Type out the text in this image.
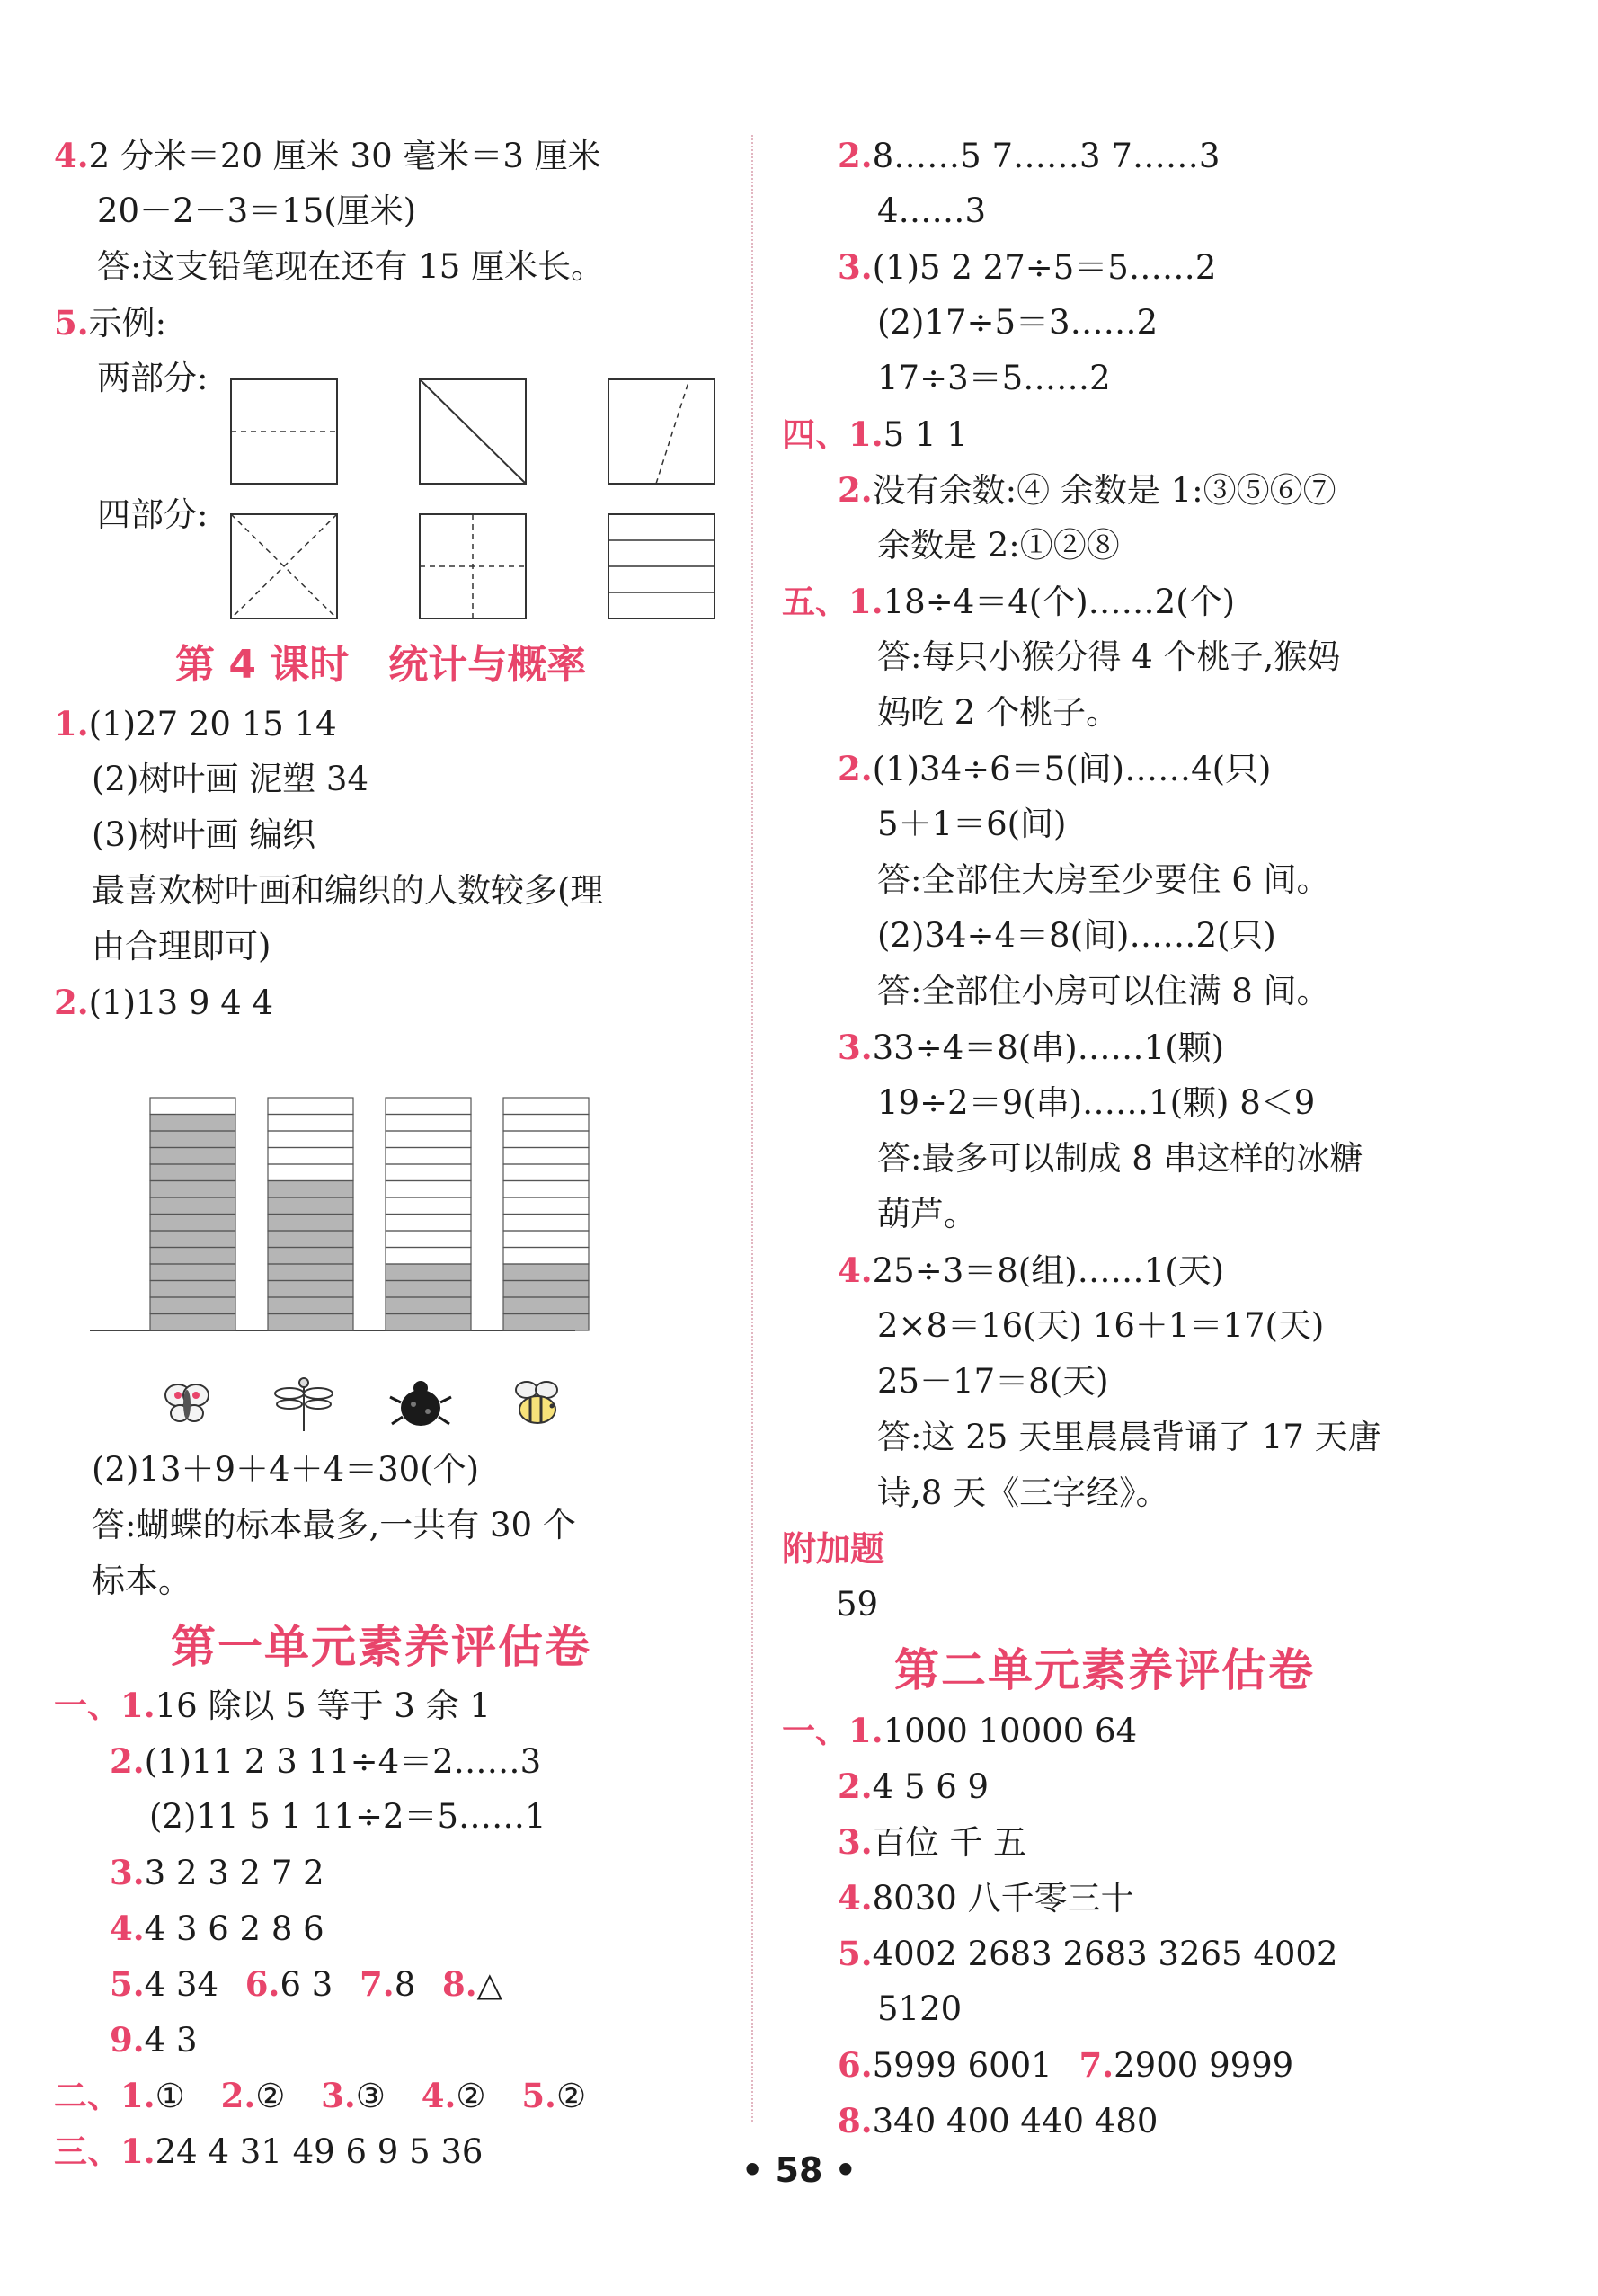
4.2 分米＝20 厘米 30 毫米＝3 厘米
20－2－3＝15(厘米)
答:这支铅笔现在还有 15 厘米长。
5.示例:
两部分:
四部分:
第 4 课时　统计与概率
1.(1)27 20 15 14
(2)树叶画 泥塑 34
(3)树叶画 编织
最喜欢树叶画和编织的人数较多(理
由合理即可)
2.(1)13 9 4 4
(2)13＋9＋4＋4＝30(个)
答:蝴蝶的标本最多,一共有 30 个
标本。
第一单元素养评估卷
一、1.16 除以 5 等于 3 余 1
2.(1)11 2 3 11÷4＝2……3
(2)11 5 1 11÷2＝5……1
3.3 2 3 2 7 2
4.4 3 6 2 8 6
5.4 34 6.6 3 7.8 8.△
9.4 3
二、1.① 2.② 3.③ 4.② 5.②
三、1.24 4 31 49 6 9 5 36
2.8……5 7……3 7……3
4……3
3.(1)5 2 27÷5＝5……2
(2)17÷5＝3……2
17÷3＝5……2
四、1.5 1 1
2.没有余数:④ 余数是 1:③⑤⑥⑦
余数是 2:①②⑧
五、1.18÷4＝4(个)……2(个)
答:每只小猴分得 4 个桃子,猴妈
妈吃 2 个桃子。
2.(1)34÷6＝5(间)……4(只)
5＋1＝6(间)
答:全部住大房至少要住 6 间。
(2)34÷4＝8(间)……2(只)
答:全部住小房可以住满 8 间。
3.33÷4＝8(串)……1(颗)
19÷2＝9(串)……1(颗) 8＜9
答:最多可以制成 8 串这样的冰糖
葫芦。
4.25÷3＝8(组)……1(天)
2×8＝16(天) 16＋1＝17(天)
25－17＝8(天)
答:这 25 天里晨晨背诵了 17 天唐
诗,8 天《三字经》。
附加题
59
第二单元素养评估卷
一、1.1000 10000 64
2.4 5 6 9
3.百位 千 五
4.8030 八千零三十
5.4002 2683 2683 3265 4002
5120
6.5999 6001 7.2900 9999
8.340 400 440 480
• 58 •
